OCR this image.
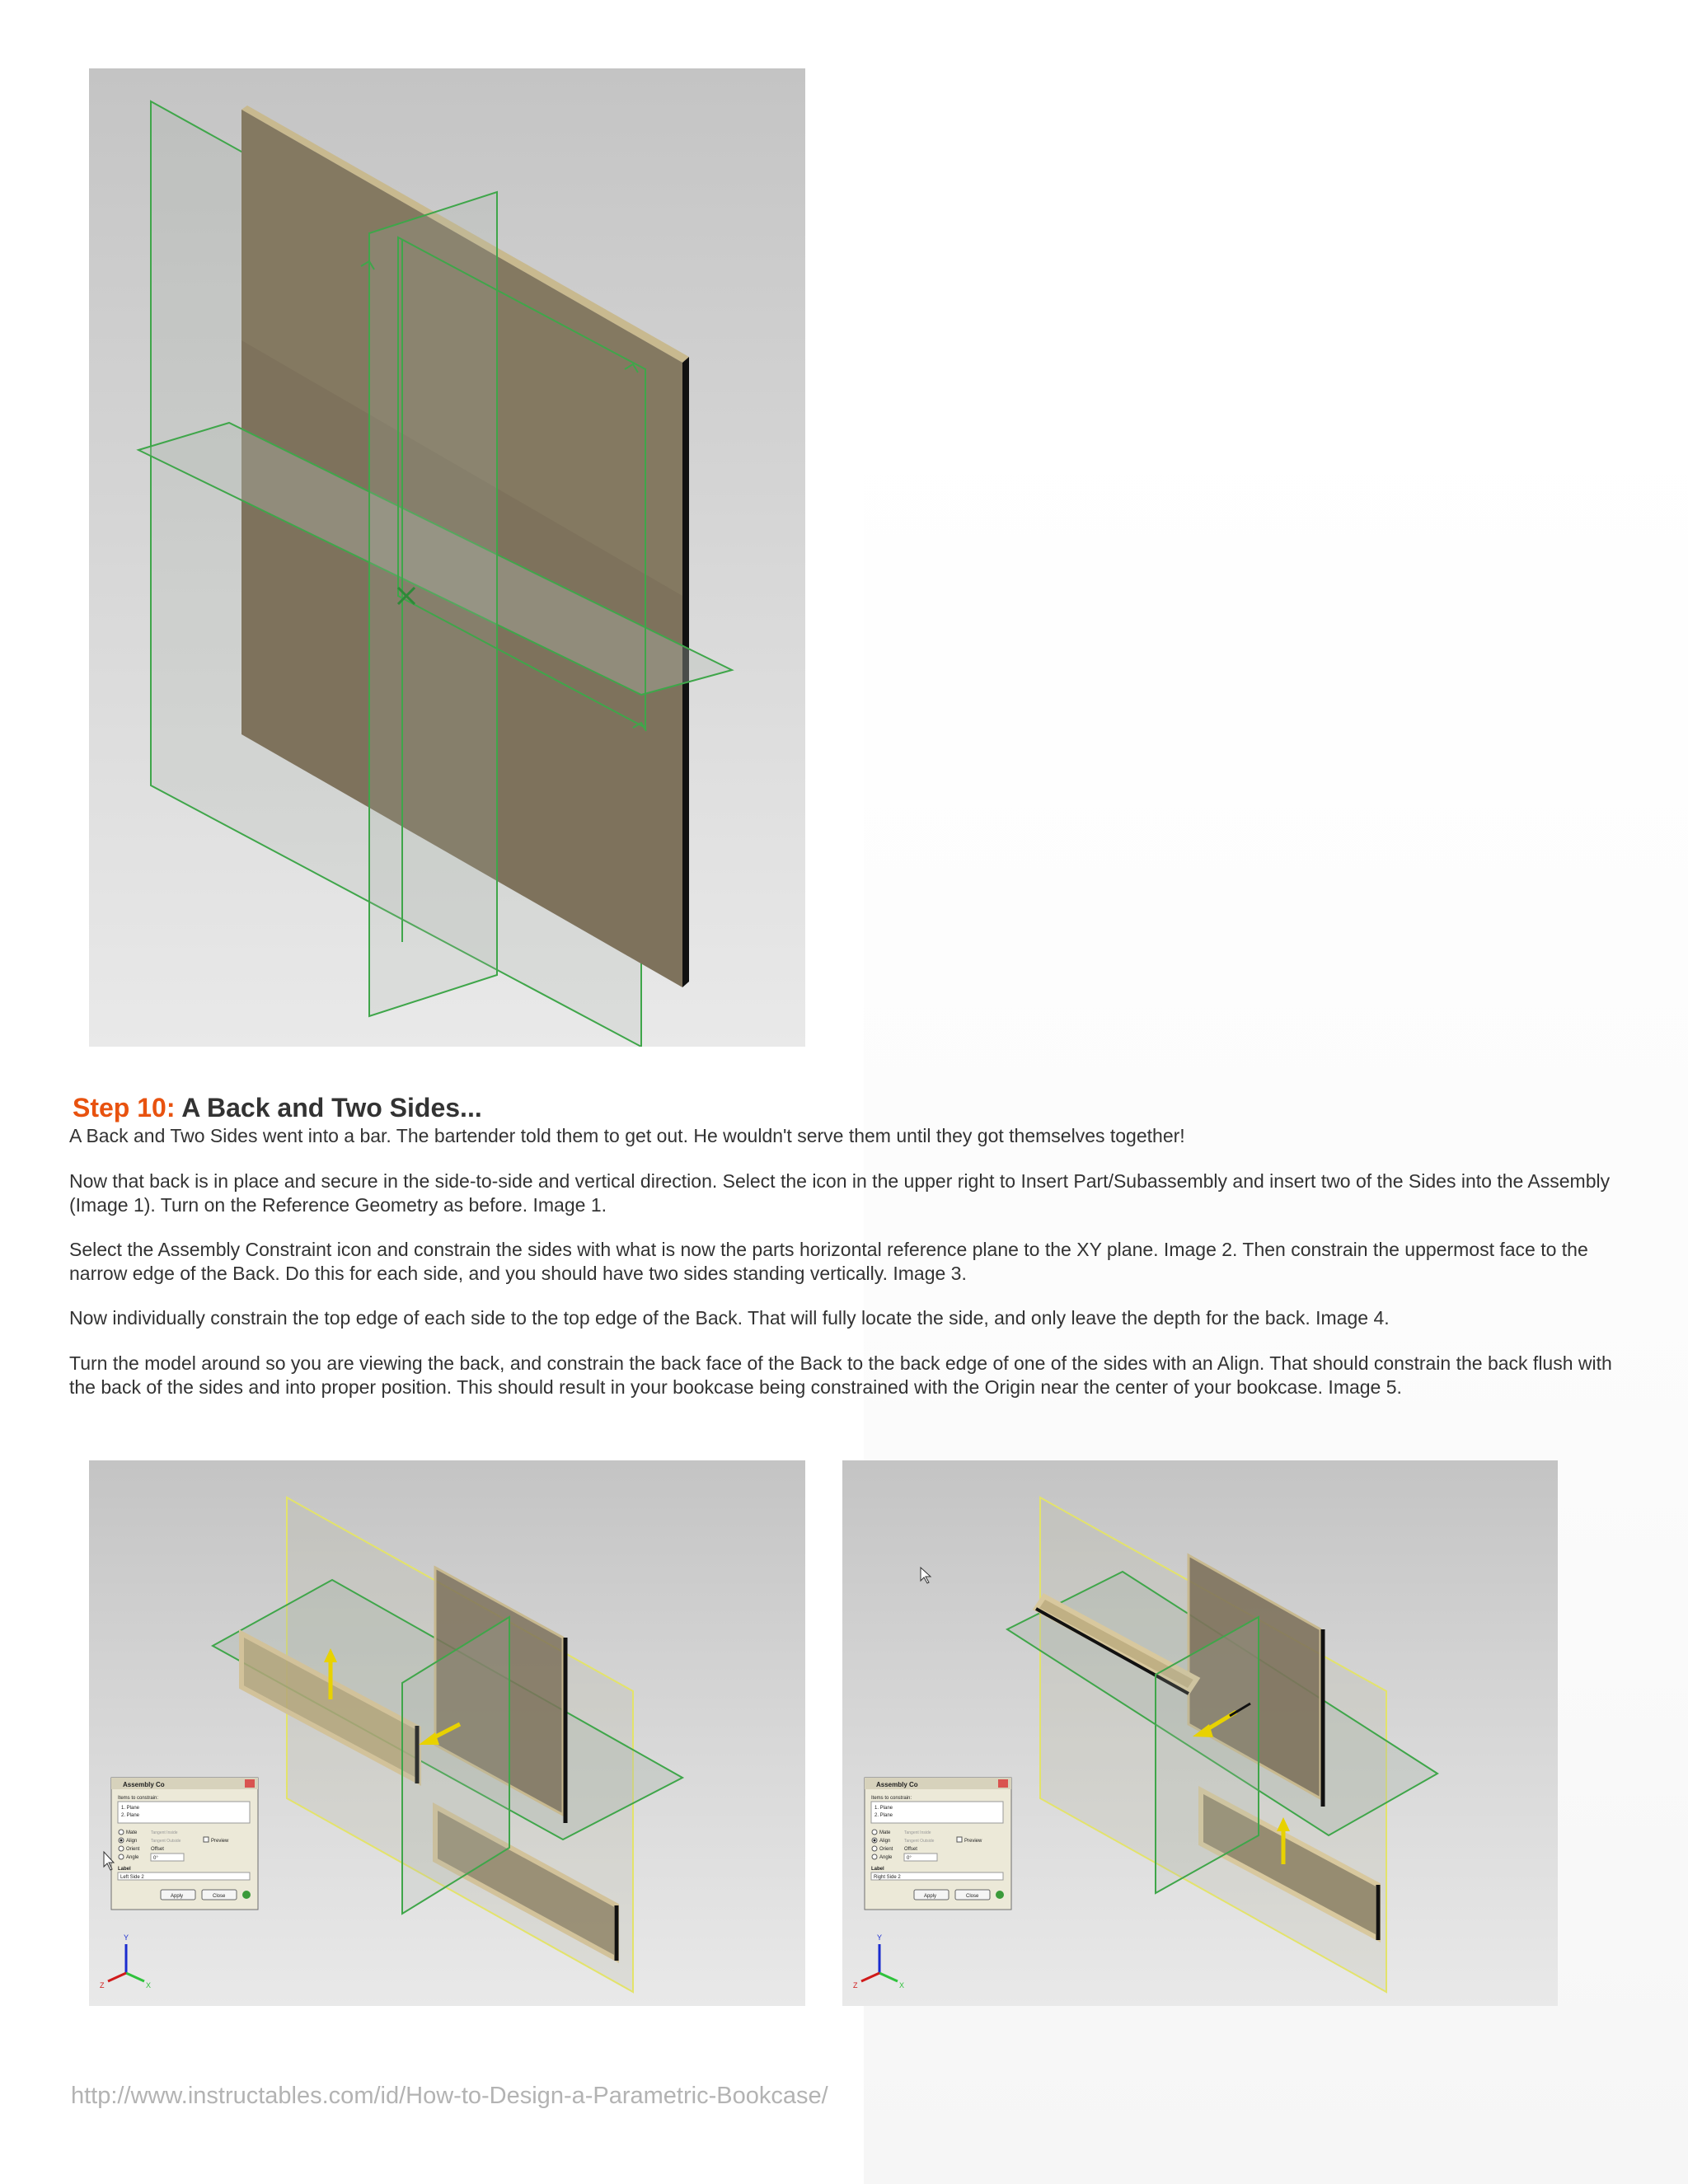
Step 10: A Back and Two Sides...

A Back and Two Sides went into a bar. The bartender told them to get out. He wouldn't serve them until they got themselves together!

Now that back is in place and secure in the side-to-side and vertical direction. Select the icon in the upper right to Insert Part/Subassembly and insert two of the Sides into the Assembly (Image 1). Turn on the Reference Geometry as before. Image 1.

Select the Assembly Constraint icon and constrain the sides with what is now the parts horizontal reference plane to the XY plane. Image 2. Then constrain the uppermost face to the narrow edge of the Back. Do this for each side, and you should have two sides standing vertically. Image 3.

Now individually constrain the top edge of each side to the top edge of the Back. That will fully locate the side, and only leave the depth for the back. Image 4.

Turn the model around so you are viewing the back, and constrain the back face of the Back to the back edge of one of the sides with an Align. That should constrain the back flush with the back of the sides and into proper position. This should result in your bookcase being constrained with the Origin near the center of your bookcase. Image 5.

Assembly Co
Items to constrain:
1. Plane
2. Plane
Mate
Align
Orient
Angle
Tangent Inside
Tangent Outside	Preview
Offset
0°
Label
Left Side 2
Apply	Close
Y
X
Z
Assembly Co
Items to constrain:
1. Plane
2. Plane
Mate
Align
Orient
Angle
Tangent Inside
Tangent Outside	Preview
Offset
0°
Label
Right Side 2
Apply	Close
Y
X
Z
http://www.instructables.com/id/How-to-Design-a-Parametric-Bookcase/
